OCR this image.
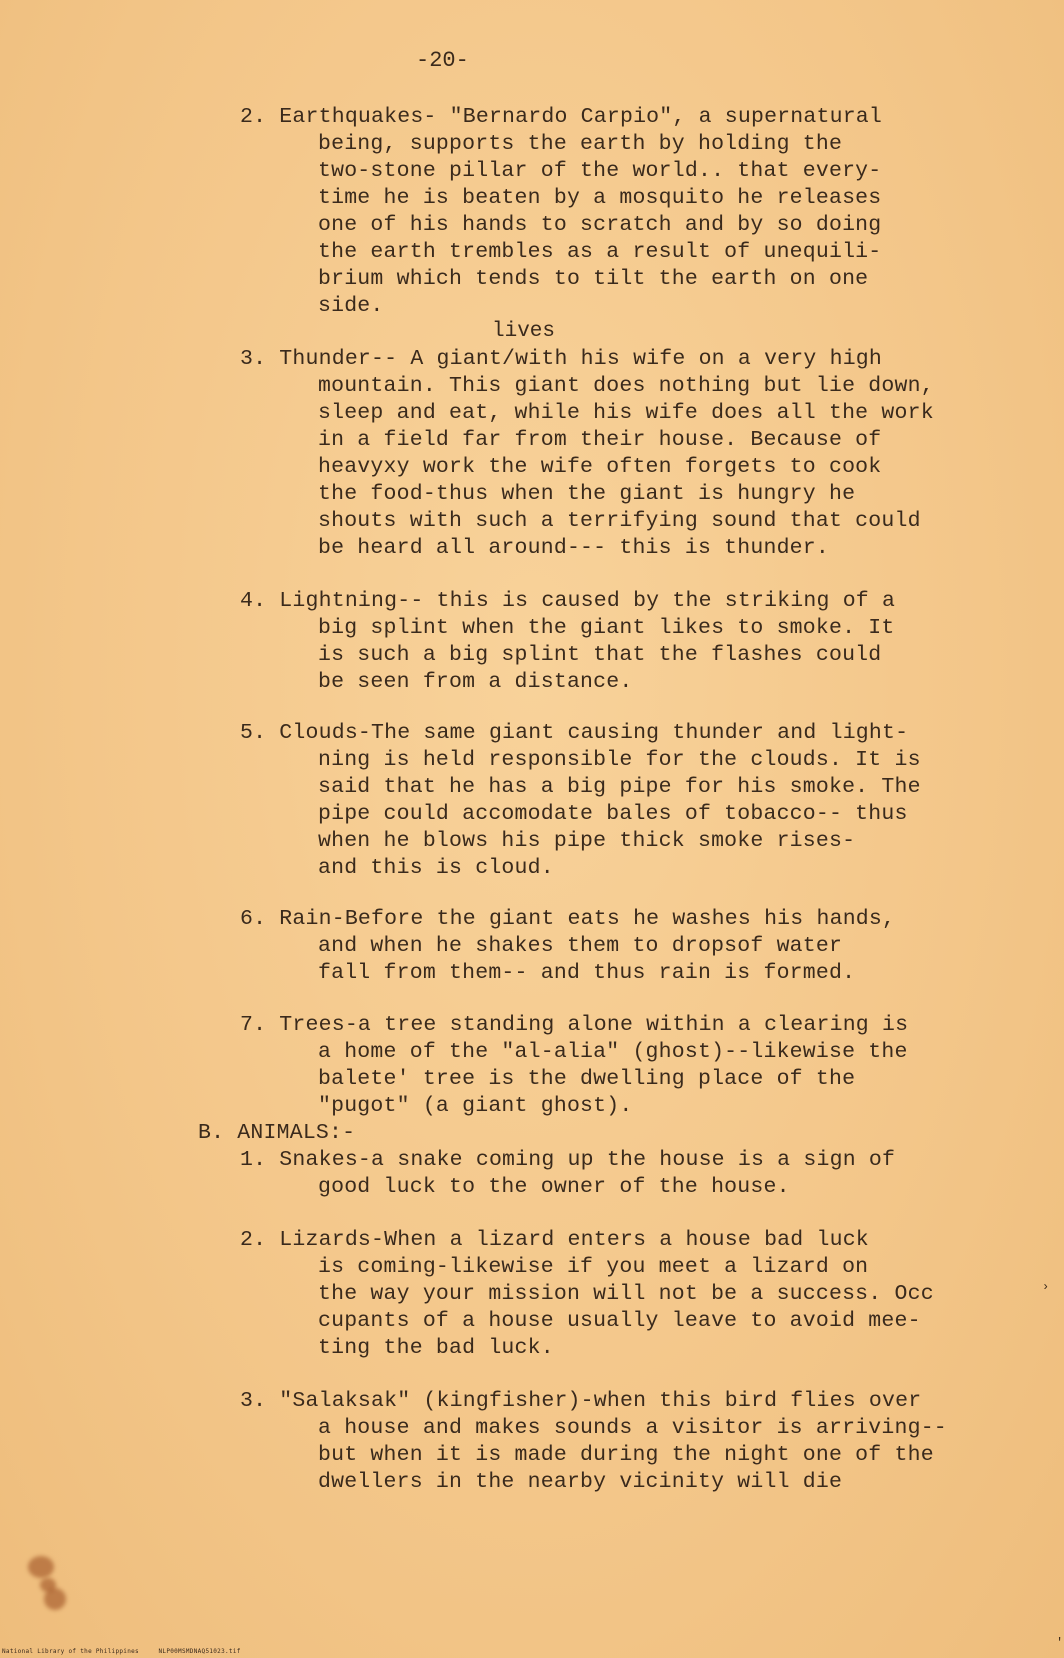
-20-
2. Earthquakes- "Bernardo Carpio", a supernatural
being, supports the earth by holding the
two-stone pillar of the world.. that every-
time he is beaten by a mosquito he releases
one of his hands to scratch and by so doing
the earth trembles as a result of unequili-
brium which tends to tilt the earth on one
side.
lives
3. Thunder-- A giant/with his wife on a very high
mountain. This giant does nothing but lie down,
sleep and eat, while his wife does all the work
in a field far from their house. Because of
heavyxy work the wife often forgets to cook
the food-thus when the giant is hungry he
shouts with such a terrifying sound that could
be heard all around--- this is thunder.
4. Lightning-- this is caused by the striking of a
big splint when the giant likes to smoke. It
is such a big splint that the flashes could
be seen from a distance.
5. Clouds-The same giant causing thunder and light-
ning is held responsible for the clouds. It is
said that he has a big pipe for his smoke. The
pipe could accomodate bales of tobacco-- thus
when he blows his pipe thick smoke rises-
and this is cloud.
6. Rain-Before the giant eats he washes his hands,
and when he shakes them to dropsof water
fall from them-- and thus rain is formed.
7. Trees-a tree standing alone within a clearing is
a home of the "al-alia" (ghost)--likewise the
balete' tree is the dwelling place of the
"pugot" (a giant ghost).
B. ANIMALS:-
1. Snakes-a snake coming up the house is a sign of
good luck to the owner of the house.
2. Lizards-When a lizard enters a house bad luck
is coming-likewise if you meet a lizard on
the way your mission will not be a success. Occ
cupants of a house usually leave to avoid mee-
ting the bad luck.
3. "Salaksak" (kingfisher)-when this bird flies over
a house and makes sounds a visitor is arriving--
but when it is made during the night one of the
dwellers in the nearby vicinity will die
›
'
National Library of the Philippines     NLP00MSMDNAQ51023.tif
